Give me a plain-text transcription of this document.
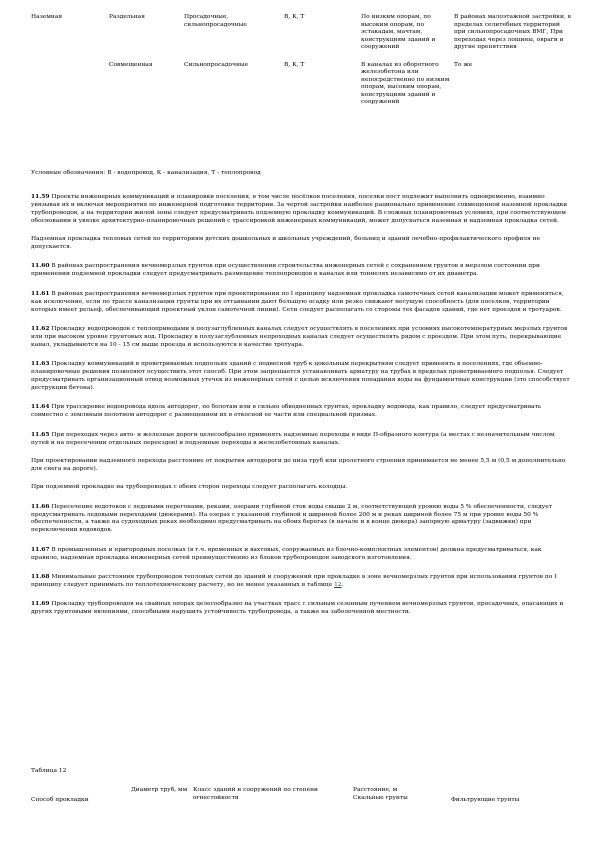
Наземная	Раздельная	Просадочные, сильнопросадочные	В, К, Т	По низким опорам, по высоким опорам, по эстакадам, мачтам, конструкциям зданий и сооружений	В районах малоэтажной застройки, в пределах селитебных территорий при сильнопросадочных ВМГ, При переходах через лощины, овраги и другие препятствия
	Совмещенная	Сильнопросадочные	В, К, Т	В каналах из оборотного железобетона или непосредственно по низким опорам, высоким опорам, конструкциям зданий и сооружений	То же
Условные обозначения: В - водопровод, К - канализация, Т - теплопровод

11.59 Проекты инженерных коммуникаций и планировки поселения, в том числе посёлков поселения, поселки пост подлежит выполнить одновременно, взаимно увязывая их и включая мероприятия по инженерной подготовке территории. За чертой застройки наиболее рационально применение совмещенной наземной прокладки трубопроводов, а на территории жилой зоны следует предусматривать подземную прокладку коммуникаций. В сложных планировочных условиях, при соответствующем обосновании и увязке архитектурно-планировочных решений с трассировкой инженерных коммуникаций, может допускаться наземная и надземная прокладка сетей.

Надземная прокладка тепловых сетей по территориям детских дошкольных и школьных учреждений, больниц и зданий лечебно-профилактического профиля не допускается.

11.60 В районах распространения вечномерзлых грунтов при осуществлении строительства инженерных сетей с сохранением грунтов в мерзлом состоянии при применении подземной прокладки следует предусматривать размещение теплопроводов в каналах или тоннелях независимо от их диаметра.

11.61 В районах распространения вечномерзлых грунтов при проектировании по I принципу надземная прокладка самотечных сетей канализации может применяться, как исключение, если по трассе канализации грунты при их оттаивании дают большую осадку или резко снижают несущую способность (для поселков, территории которых имеет рельеф, обеспечивающий проектный уклон самотечной линии). Сети следует располагать со стороны тех фасадов зданий, где нет проездов и тротуаров.

11.62 Прокладку водопроводов с теплоприводами в полузаглубленных каналах следует осуществлять в поселениях при условиях высокотемпературных мерзлых грунтов или при высоком уровне грунтовых вод. Прокладку в полузаглубленных непроходных каналах следует осуществлять рядом с проездом. При этом путь, перекрывающие канал, укладываются на 10 - 15 см выше проезда и используются в качестве тротуара.

11.63 Прокладку коммуникаций в проветриваемых подпольях зданий с подвесной труб к цокольным перекрытиям следует применять в поселениях, где объемно-планировочные решения позволяют осуществить этот способ. При этом запрещается устанавливать арматуру на трубах в пределах проветриваемого подполья. Следует предусматривать организационный отвод возможных утечек из инженерных сетей с целью исключения попадания воды на фундаментные конструкции (это способствует деструкции бетона).

11.64 При трассировке водопровода вдоль автодорог, по болотам или в сильно обводненных грунтах, прокладку водовода, как правило, следует предусматривать совместно с земляным полотном автодорог с размещением их в откосной ее части или специальной призмах.

11.65 При переходах через авто- и железные дороги целесообразно применять надземные переходы в виде П-образного контура (а местах с незначительным числом путей и на пересечении отдельных переездов) и подземные переходы в железобетонных каналах.

При проектировании надземного перехода расстояние от покрытия автодороги до низа труб или пролетного строения принимается не менее 5,5 м (0,5 м дополнительно для снега на дороге).

При подземной прокладке на трубопроводах с обеих сторон перехода следует располагать колодцы.

11.66 Пересечение водотоков с ледовыми перегонами, реками, озерами глубиной сток воды свыше 2 м, соответствующей уровню воды 5 % обеспеченности, следует предусматривать ледовыми переходами (дюкерами). На озерах с указанной глубиной и шириной более 200 м и реках шириной более 75 м при уровне воды 50 % обеспеченности, а также на судоходных реках необходимо предусматривать на обоих берегах (в начале и в конце дюкера) запорную арматуру (задвижки) при переключении водоводов.

11.67 В промышленных и пригородных поселках (в т.ч. временных и вахтовых, сооружаемых из блочно-комплектных элементов) должна предусматриваться, как правило, надземная прокладка инженерных сетей преимущественно из блоков трубопроводов заводского изготовления.

11.68 Минимальные расстояния трубопроводов тепловых сетей до зданий и сооружений при прокладке в зоне вечномерзлых грунтов при использовании грунтов по I принципу следует принимать по теплотехническому расчету, но не менее указанных в таблице 12.

11.69 Прокладку трубопроводов на свайных опорах целесообразно на участках трасс с сильным сезонным пучением вечномерзлых грунтов, просадочных, опасающих и других грунтовыми явлениями, способными нарушить устойчивость трубопровода, а также на заболоченной местности.

Таблица 12
Способ прокладки	Диаметр труб, мм	Класс зданий и сооружений по степени огнестойкости	Расстояние, м
Скальные грунты	Фильтрующие грунты
